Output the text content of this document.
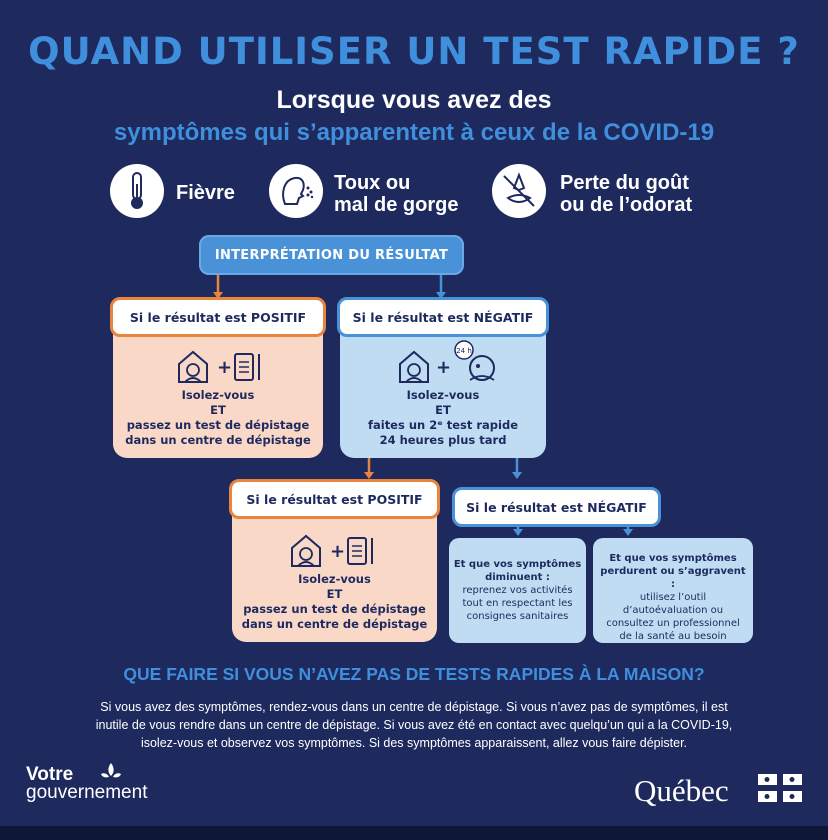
QUAND UTILISER UN TEST RAPIDE ?
Lorsque vous avez des
symptômes qui s’apparentent à ceux de la COVID-19
Fièvre	Toux ou
mal de gorge
Perte du goût
ou de l’odorat
INTERPRÉTATION DU RÉSULTAT
Si le résultat est POSITIF
+
Isolez-vous
ET
passez un test de dépistage
dans un centre de dépistage
Si le résultat est NÉGATIF
+
24 h
Isolez-vous
ET
faites un 2ᵉ test rapide
24 heures plus tard
Si le résultat est POSITIF
+
Isolez-vous
ET
passez un test de dépistage
dans un centre de dépistage
Si le résultat est NÉGATIF
Et que vos symptômes
diminuent :
reprenez vos activités
tout en respectant les
consignes sanitaires
Et que vos symptômes
perdurent ou s’aggravent :
utilisez l’outil
d’autoévaluation ou
consultez un professionnel
de la santé au besoin
QUE FAIRE SI VOUS N’AVEZ PAS DE TESTS RAPIDES À LA MAISON?
Si vous avez des symptômes, rendez-vous dans un centre de dépistage. Si vous n’avez pas de symptômes, il est
inutile de vous rendre dans un centre de dépistage. Si vous avez été en contact avec quelqu’un qui a la COVID-19,
isolez-vous et observez vos symptômes. Si des symptômes apparaissent, allez vous faire dépister.
Votre
gouvernement	Québec
